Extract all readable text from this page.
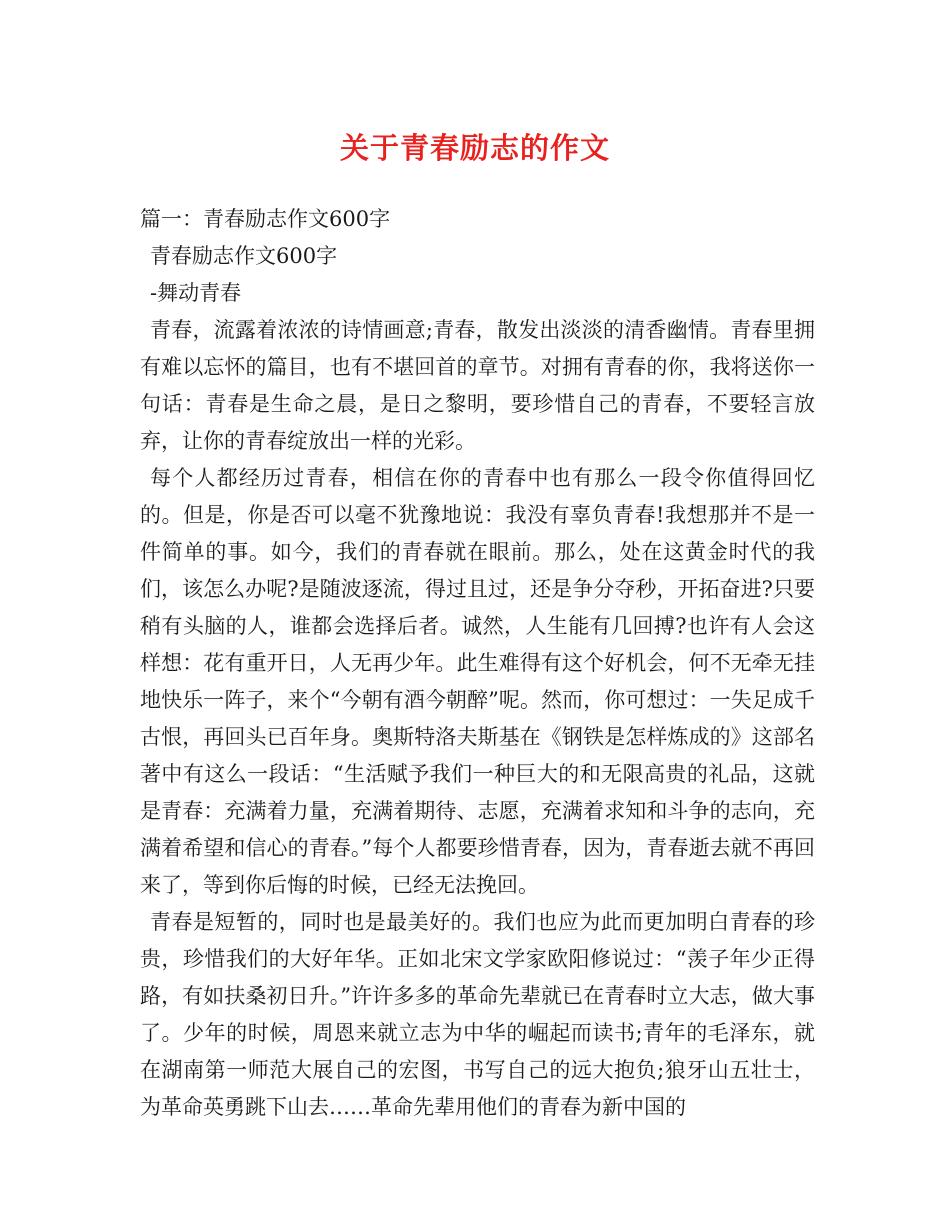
关于青春励志的作文

篇一：青春励志作文600字

青春励志作文600字

-舞动青春

青春，流露着浓浓的诗情画意;青春，散发出淡淡的清香幽情。青春里拥有难以忘怀的篇目，也有不堪回首的章节。对拥有青春的你，我将送你一句话：青春是生命之晨，是日之黎明，要珍惜自己的青春，不要轻言放弃，让你的青春绽放出一样的光彩。

每个人都经历过青春，相信在你的青春中也有那么一段令你值得回忆的。但是，你是否可以毫不犹豫地说：我没有辜负青春!我想那并不是一件简单的事。如今，我们的青春就在眼前。那么，处在这黄金时代的我们，该怎么办呢?是随波逐流，得过且过，还是争分夺秒，开拓奋进?只要稍有头脑的人，谁都会选择后者。诚然，人生能有几回搏?也许有人会这样想：花有重开日，人无再少年。此生难得有这个好机会，何不无牵无挂地快乐一阵子，来个“今朝有酒今朝醉”呢。然而，你可想过：一失足成千古恨，再回头已百年身。奥斯特洛夫斯基在《钢铁是怎样炼成的》这部名著中有这么一段话：“生活赋予我们一种巨大的和无限高贵的礼品，这就是青春：充满着力量，充满着期待、志愿，充满着求知和斗争的志向，充满着希望和信心的青春。”每个人都要珍惜青春，因为，青春逝去就不再回来了，等到你后悔的时候，已经无法挽回。

青春是短暂的，同时也是最美好的。我们也应为此而更加明白青春的珍贵，珍惜我们的大好年华。正如北宋文学家欧阳修说过：“羡子年少正得路，有如扶桑初日升。”许许多多的革命先辈就已在青春时立大志，做大事了。少年的时候，周恩来就立志为中华的崛起而读书;青年的毛泽东，就在湖南第一师范大展自己的宏图，书写自己的远大抱负;狼牙山五壮士，为革命英勇跳下山去……革命先辈用他们的青春为新中国的
